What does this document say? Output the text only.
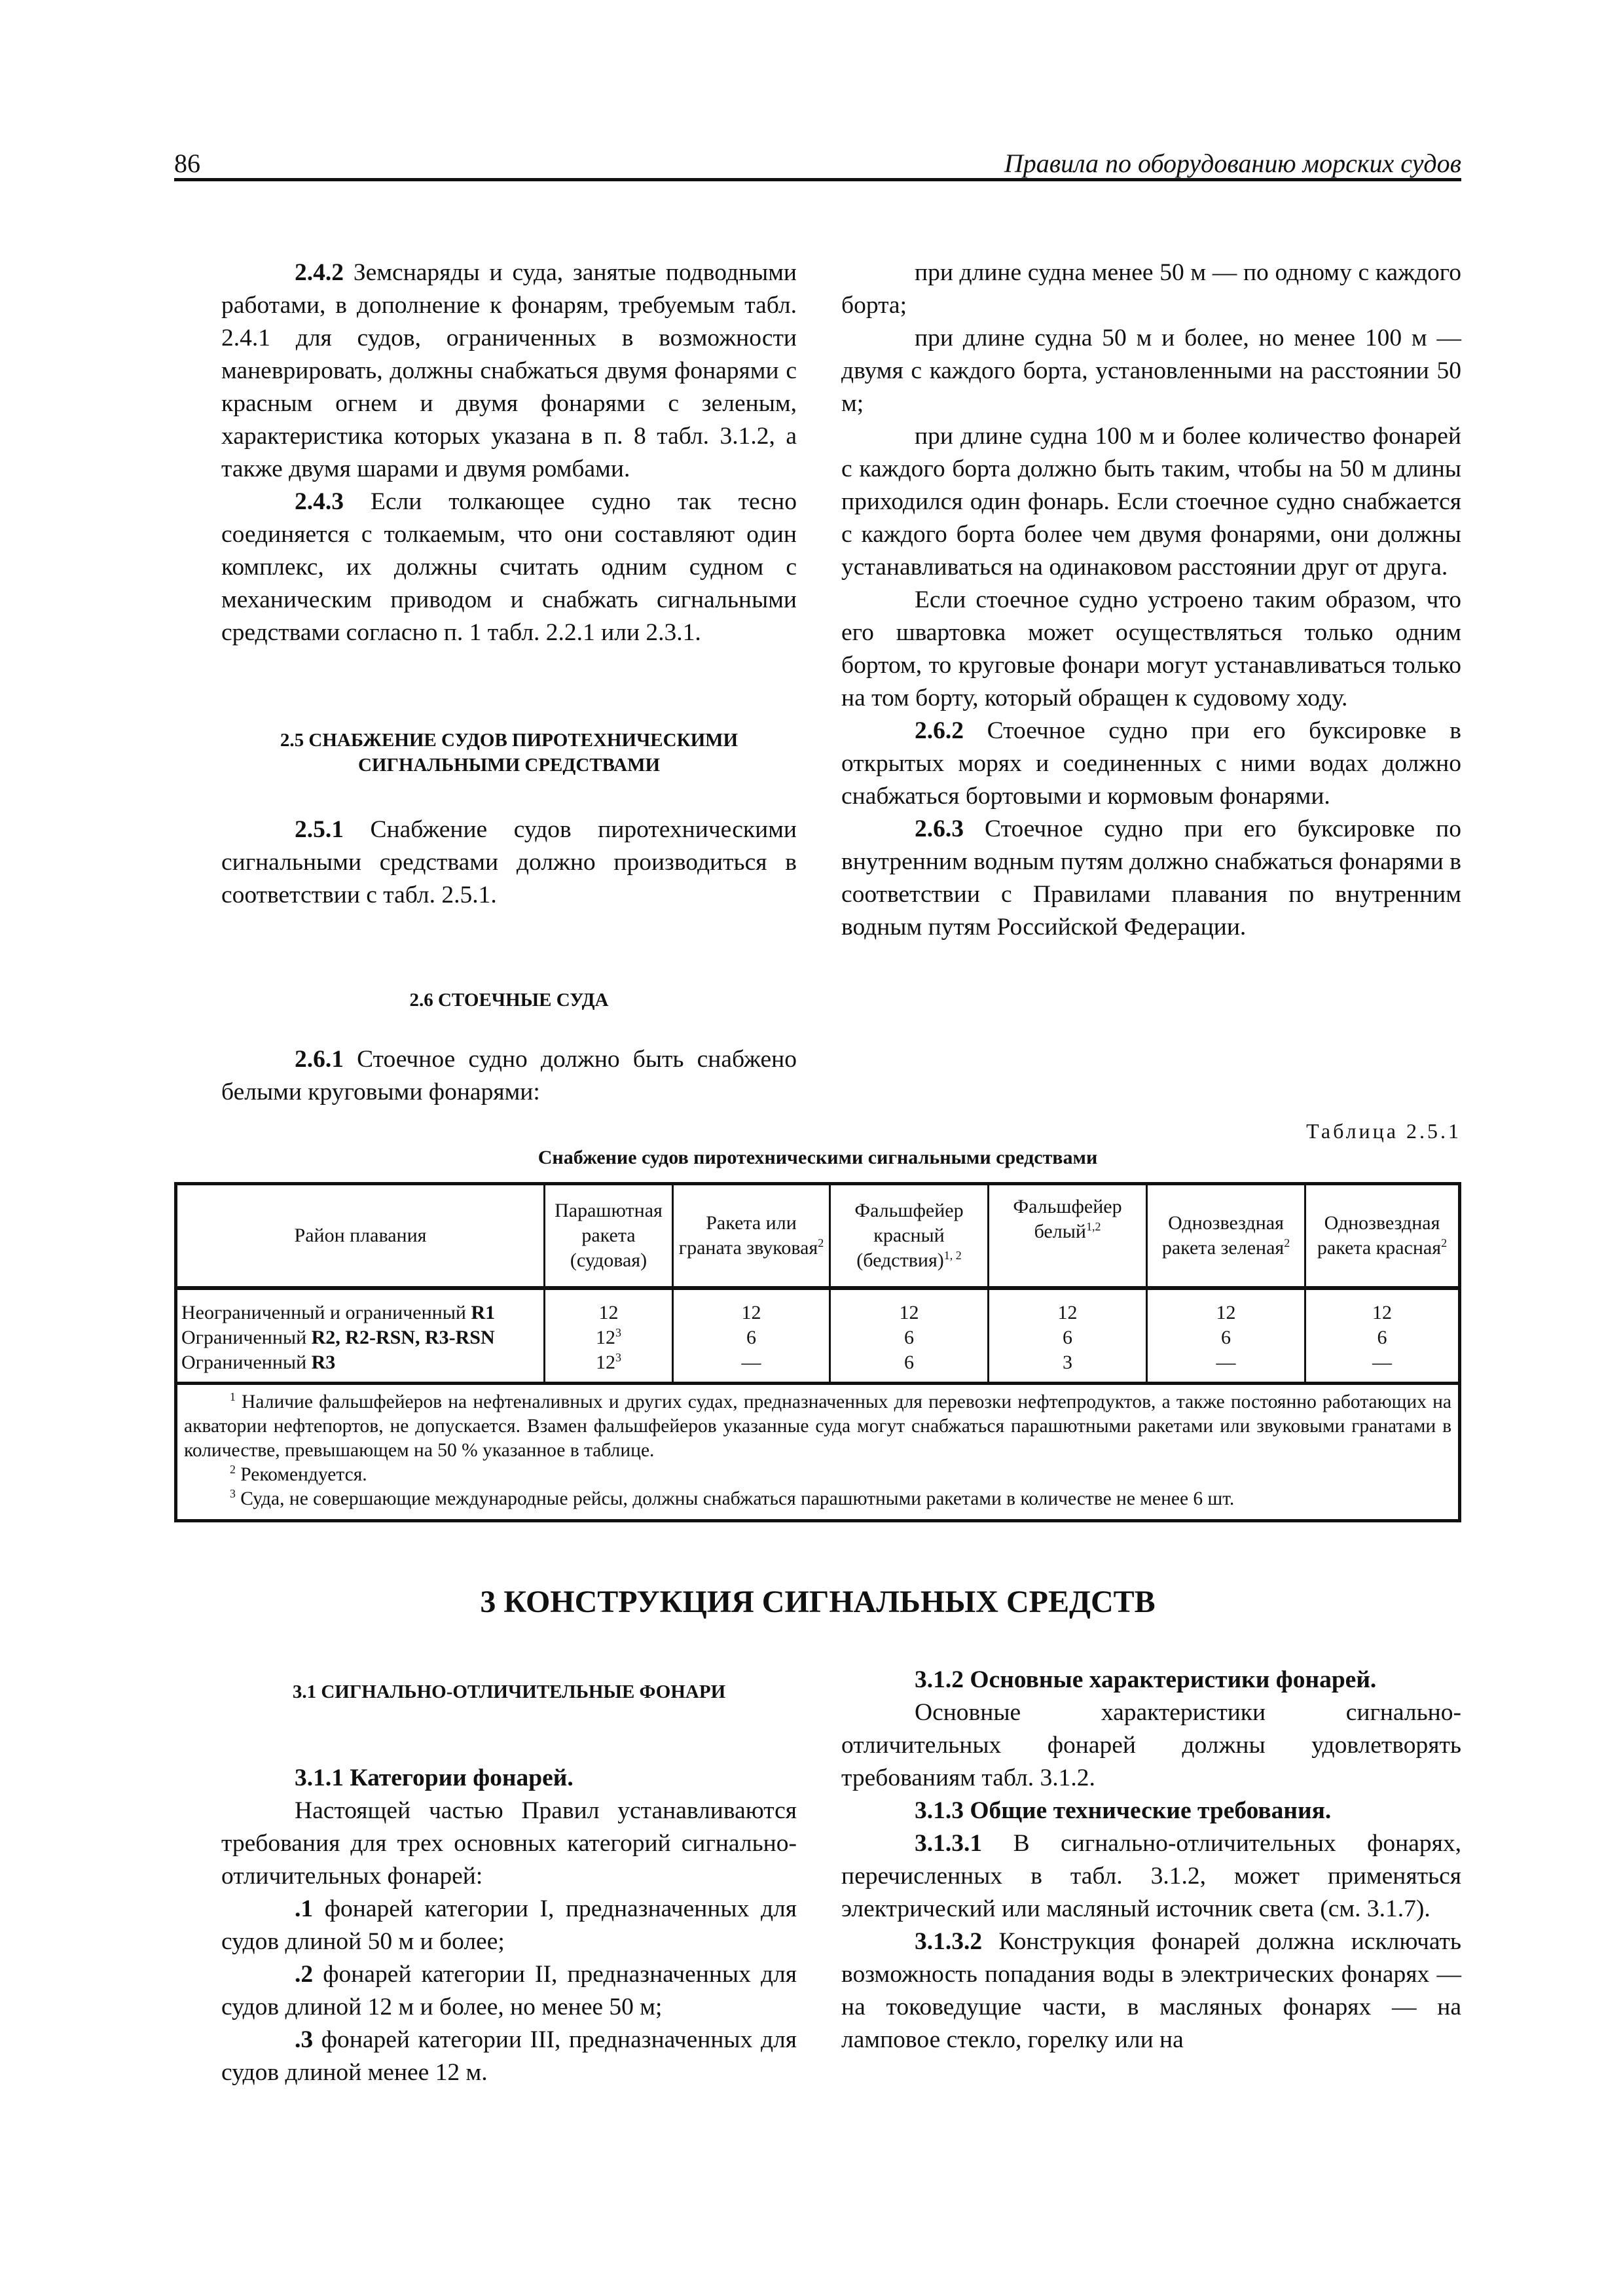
86	Правила по оборудованию морских судов

2.4.2 Земснаряды и суда, занятые подводными работами, в дополнение к фонарям, требуемым табл. 2.4.1 для судов, ограниченных в возможности маневрировать, должны снабжаться двумя фонарями с красным огнем и двумя фонарями с зеленым, характеристика которых указана в п. 8 табл. 3.1.2, а также двумя шарами и двумя ромбами.

2.4.3 Если толкающее судно так тесно соединяется с толкаемым, что они составляют один комплекс, их должны считать одним судном с механическим приводом и снабжать сигнальными средствами согласно п. 1 табл. 2.2.1 или 2.3.1.

2.5 СНАБЖЕНИЕ СУДОВ ПИРОТЕХНИЧЕСКИМИ СИГНАЛЬНЫМИ СРЕДСТВАМИ

2.5.1 Снабжение судов пиротехническими сигнальными средствами должно производиться в соответствии с табл. 2.5.1.

2.6 СТОЕЧНЫЕ СУДА

2.6.1 Стоечное судно должно быть снабжено белыми круговыми фонарями:

при длине судна менее 50 м — по одному с каждого борта;

при длине судна 50 м и более, но менее 100 м — двумя с каждого борта, установленными на расстоянии 50 м;

при длине судна 100 м и более количество фонарей с каждого борта должно быть таким, чтобы на 50 м длины приходился один фонарь. Если стоечное судно снабжается с каждого борта более чем двумя фонарями, они должны устанавливаться на одинаковом расстоянии друг от друга.

Если стоечное судно устроено таким образом, что его швартовка может осуществляться только одним бортом, то круговые фонари могут устанавливаться только на том борту, который обращен к судовому ходу.

2.6.2 Стоечное судно при его буксировке в открытых морях и соединенных с ними водах должно снабжаться бортовыми и кормовым фонарями.

2.6.3 Стоечное судно при его буксировке по внутренним водным путям должно снабжаться фонарями в соответствии с Правилами плавания по внутренним водным путям Российской Федерации.

Таблица 2.5.1
Снабжение судов пиротехническими сигнальными средствами
Район плавания	Парашютная ракета (судовая)	Ракета или граната звуковая$^2$	Фальшфейер красный (бедствия)$^{1, 2}$	Фальшфейер белый$^{1,2}$	Однозвездная ракета зеленая$^2$	Однозвездная ракета красная$^2$
Неограниченный и ограниченный R1	12	12	12	12	12	12
Ограниченный R2, R2-RSN, R3-RSN	$12^3$	6	6	6	6	6
Ограниченный R3	$12^3$	—	6	3	—	—

$^1$ Наличие фальшфейеров на нефтеналивных и других судах, предназначенных для перевозки нефтепродуктов, а также постоянно работающих на акватории нефтепортов, не допускается. Взамен фальшфейеров указанные суда могут снабжаться парашютными ракетами или звуковыми гранатами в количестве, превышающем на 50 % указанное в таблице.

$^2$ Рекомендуется.

$^3$ Суда, не совершающие международные рейсы, должны снабжаться парашютными ракетами в количестве не менее 6 шт.						

3 КОНСТРУКЦИЯ СИГНАЛЬНЫХ СРЕДСТВ
3.1 СИГНАЛЬНО-ОТЛИЧИТЕЛЬНЫЕ ФОНАРИ

3.1.1 Категории фонарей.

Настоящей частью Правил устанавливаются требования для трех основных категорий сигнально-отличительных фонарей:

.1 фонарей категории I, предназначенных для судов длиной 50 м и более;

.2 фонарей категории II, предназначенных для судов длиной 12 м и более, но менее 50 м;

.3 фонарей категории III, предназначенных для судов длиной менее 12 м.

3.1.2 Основные характеристики фонарей.

Основные характеристики сигнально-отличительных фонарей должны удовлетворять требованиям табл. 3.1.2.

3.1.3 Общие технические требования.

3.1.3.1 В сигнально-отличительных фонарях, перечисленных в табл. 3.1.2, может применяться электрический или масляный источник света (см. 3.1.7).

3.1.3.2 Конструкция фонарей должна исключать возможность попадания воды в электрических фонарях — на токоведущие части, в масляных фонарях — на ламповое стекло, горелку или на
